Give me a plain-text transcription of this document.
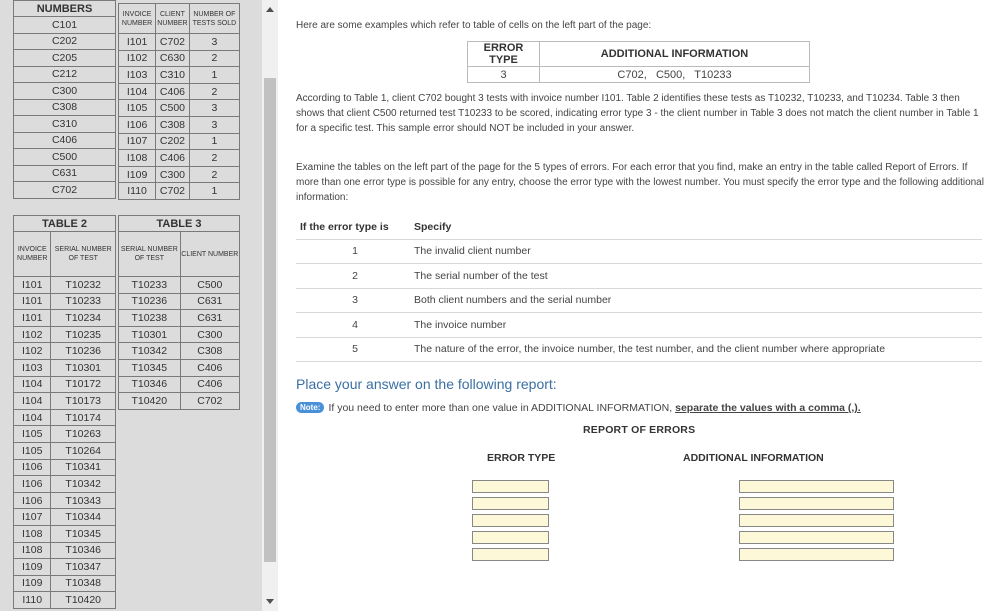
NUMBERS
C101
C202
C205
C212
C300
C308
C310
C406
C500
C631
C702
INVOICE NUMBER	CLIENT NUMBER	NUMBER OF TESTS SOLD
I101	C702	3
I102	C630	2
I103	C310	1
I104	C406	2
I105	C500	3
I106	C308	3
I107	C202	1
I108	C406	2
I109	C300	2
I110	C702	1
TABLE 2	
INVOICE NUMBER	SERIAL NUMBER OF TEST
I101	T10232
I101	T10233
I101	T10234
I102	T10235
I102	T10236
I103	T10301
I104	T10172
I104	T10173
I104	T10174
I105	T10263
I105	T10264
I106	T10341
I106	T10342
I106	T10343
I107	T10344
I108	T10345
I108	T10346
I109	T10347
I109	T10348
I110	T10420
TABLE 3	
SERIAL NUMBER OF TEST	CLIENT NUMBER
T10233	C500
T10236	C631
T10238	C631
T10301	C300
T10342	C308
T10345	C406
T10346	C406
T10420	C702
Here are some examples which refer to table of cells on the left part of the page:
ERROR TYPE	ADDITIONAL INFORMATION
3	C702,   C500,   T10233
According to Table 1, client C702 bought 3 tests with invoice number I101. Table 2 identifies these tests as T10232, T10233, and T10234. Table 3 then shows that client C500 returned test T10233 to be scored, indicating error type 3 - the client number in Table 3 does not match the client number in Table 1 for a specific test. This sample error should NOT be included in your answer.
Examine the tables on the left part of the page for the 5 types of errors. For each error that you find, make an entry in the table called Report of Errors. If more than one error type is possible for any entry, choose the error type with the lowest number. You must specify the error type and the following additional information:
If the error type is	Specify
1	The invalid client number
2	The serial number of the test
3	Both client numbers and the serial number
4	The invoice number
5	The nature of the error, the invoice number, the test number, and the client number where appropriate
Place your answer on the following report:
Note: If you need to enter more than one value in ADDITIONAL INFORMATION, separate the values with a comma (,).
REPORT OF ERRORS
ERROR TYPE	ADDITIONAL INFORMATION
